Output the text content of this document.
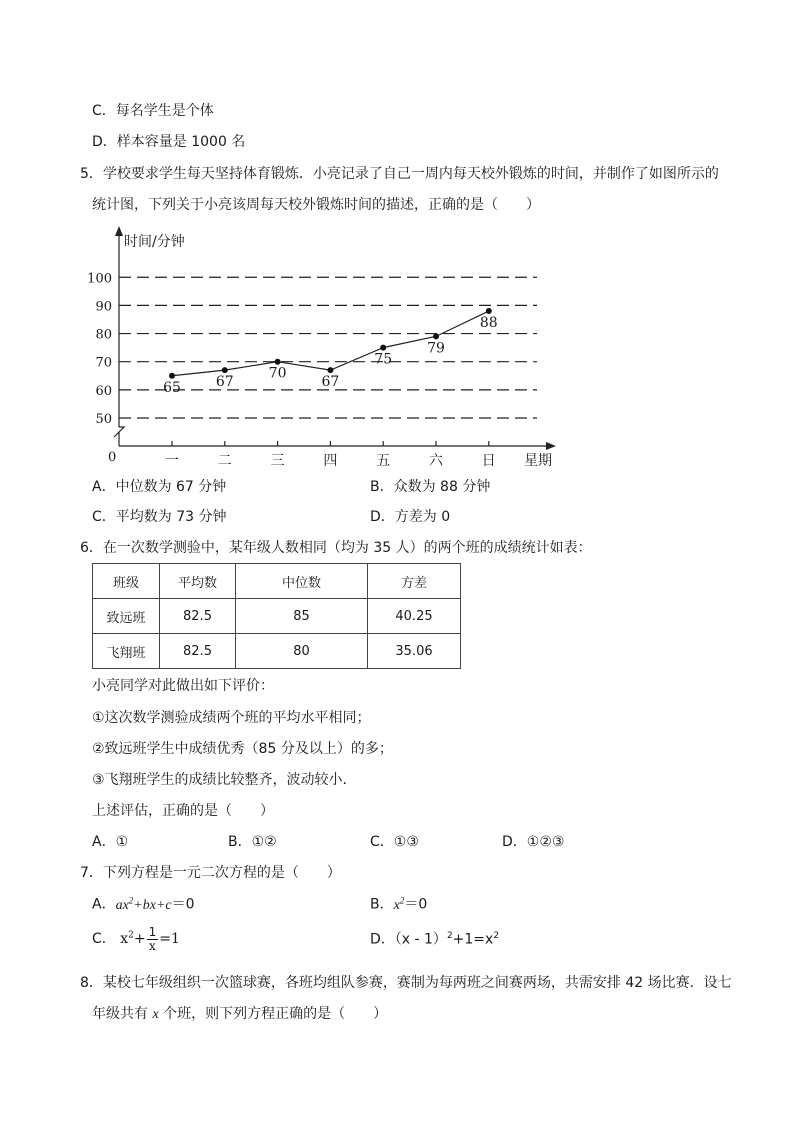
C．每名学生是个体
D．样本容量是 1000 名
5．学校要求学生每天坚持体育锻炼．小亮记录了自己一周内每天校外锻炼的时间，并制作了如图所示的
统计图，下列关于小亮该周每天校外锻炼时间的描述，正确的是（　　）
50
60
70
80
90
100
时间/分钟
0	星期
一	二	三	四	五	六	日
65 67
70
67
75
79
88
A．中位数为 67 分钟	B．众数为 88 分钟
C．平均数为 73 分钟	D．方差为 0
6．在一次数学测验中，某年级人数相同（均为 35 人）的两个班的成绩统计如表：
班级	平均数	中位数	方差
致远班	82.5	85	40.25
飞翔班	82.5	80	35.06
小亮同学对此做出如下评价：
①这次数学测验成绩两个班的平均水平相同；
②致远班学生中成绩优秀（85 分及以上）的多；
③飞翔班学生的成绩比较整齐，波动较小．
上述评估，正确的是（　　）
A．①	B．①②	C．①③	D．①②③
7．下列方程是一元二次方程的是（　　）
A．$ax^2+bx+c=0$	B．$x^2=0$
C． $x^2+ \frac{1}{x} =1$	D．$(x - 1)^2+1=x^2$
8．某校七年级组织一次篮球赛，各班均组队参赛，赛制为每两班之间赛两场，共需安排 42 场比赛．设七
年级共有 x 个班，则下列方程正确的是（　　）
